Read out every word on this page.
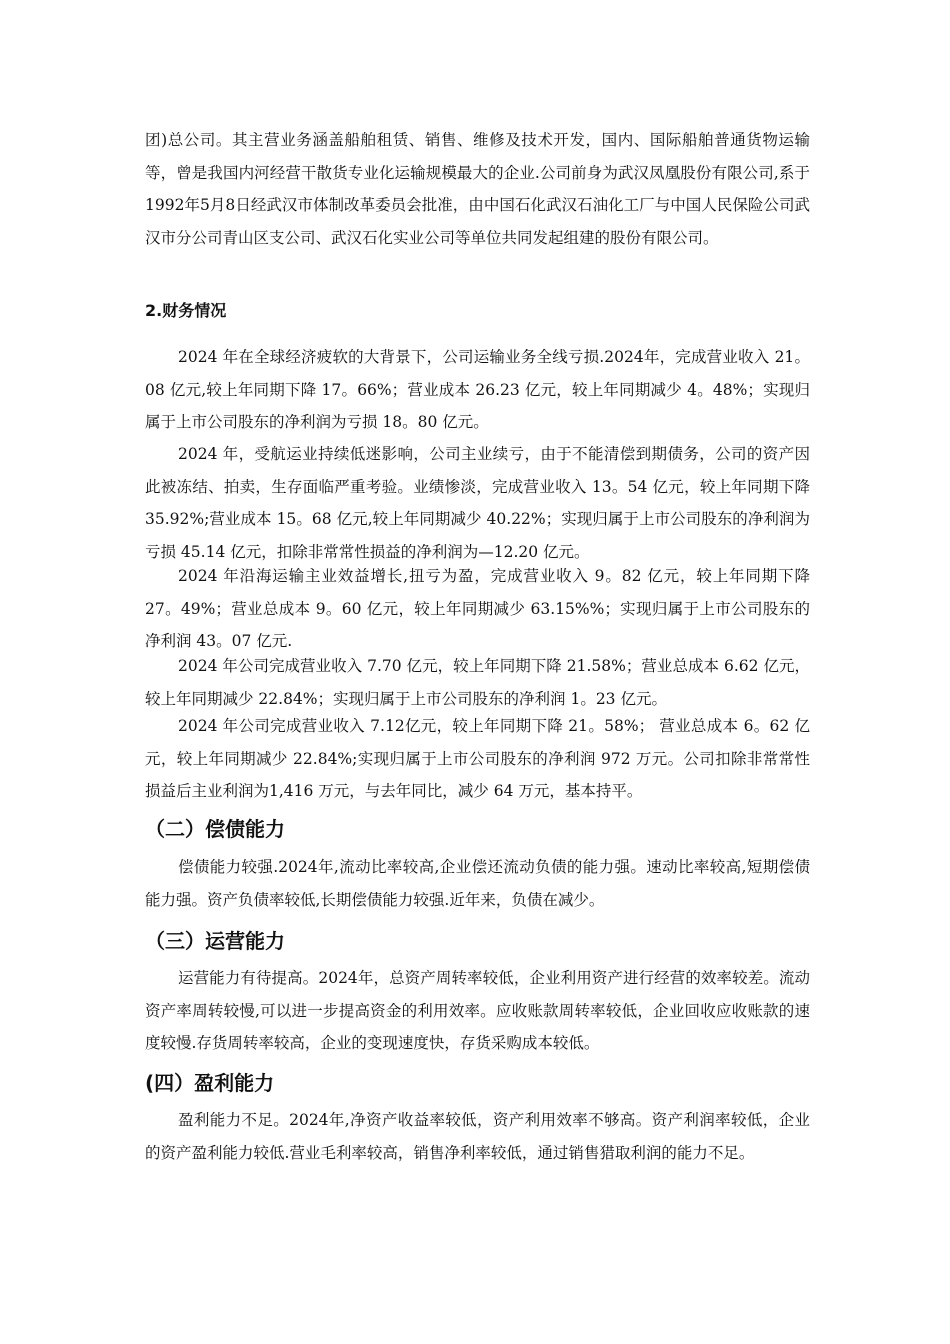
团)总公司。其主营业务涵盖船舶租赁、销售、维修及技术开发，国内、国际船舶普通货物运输等，曾是我国内河经营干散货专业化运输规模最大的企业.公司前身为武汉凤凰股份有限公司,系于1992年5月8日经武汉市体制改革委员会批准，由中国石化武汉石油化工厂与中国人民保险公司武汉市分公司青山区支公司、武汉石化实业公司等单位共同发起组建的股份有限公司。

2.财务情况

2024 年在全球经济疲软的大背景下，公司运输业务全线亏损.2024年，完成营业收入 21。08 亿元,较上年同期下降 17。66%；营业成本 26.23 亿元，较上年同期减少 4。48%；实现归属于上市公司股东的净利润为亏损 18。80 亿元。

2024 年，受航运业持续低迷影响，公司主业续亏，由于不能清偿到期债务，公司的资产因此被冻结、拍卖，生存面临严重考验。业绩惨淡，完成营业收入 13。54 亿元，较上年同期下降 35.92%;营业成本 15。68 亿元,较上年同期减少 40.22%；实现归属于上市公司股东的净利润为亏损 45.14 亿元，扣除非常常性损益的净利润为—12.20 亿元。

2024 年沿海运输主业效益增长,扭亏为盈，完成营业收入 9。82 亿元，较上年同期下降27。49%；营业总成本 9。60 亿元，较上年同期减少 63.15%%；实现归属于上市公司股东的净利润 43。07 亿元.

2024 年公司完成营业收入 7.70 亿元，较上年同期下降 21.58%；营业总成本 6.62 亿元，较上年同期减少 22.84%；实现归属于上市公司股东的净利润 1。23 亿元。

2024 年公司完成营业收入 7.12亿元，较上年同期下降 21。58%； 营业总成本 6。62 亿元，较上年同期减少 22.84%;实现归属于上市公司股东的净利润 972 万元。公司扣除非常常性损益后主业利润为1,416 万元，与去年同比，减少 64 万元，基本持平。

（二）偿债能力

偿债能力较强.2024年,流动比率较高,企业偿还流动负债的能力强。速动比率较高,短期偿债能力强。资产负债率较低,长期偿债能力较强.近年来，负债在减少。

（三）运营能力

运营能力有待提高。2024年，总资产周转率较低，企业利用资产进行经营的效率较差。流动资产率周转较慢,可以进一步提高资金的利用效率。应收账款周转率较低，企业回收应收账款的速度较慢.存货周转率较高，企业的变现速度快，存货采购成本较低。

(四）盈利能力

盈利能力不足。2024年,净资产收益率较低，资产利用效率不够高。资产利润率较低，企业的资产盈利能力较低.营业毛利率较高，销售净利率较低，通过销售猎取利润的能力不足。
